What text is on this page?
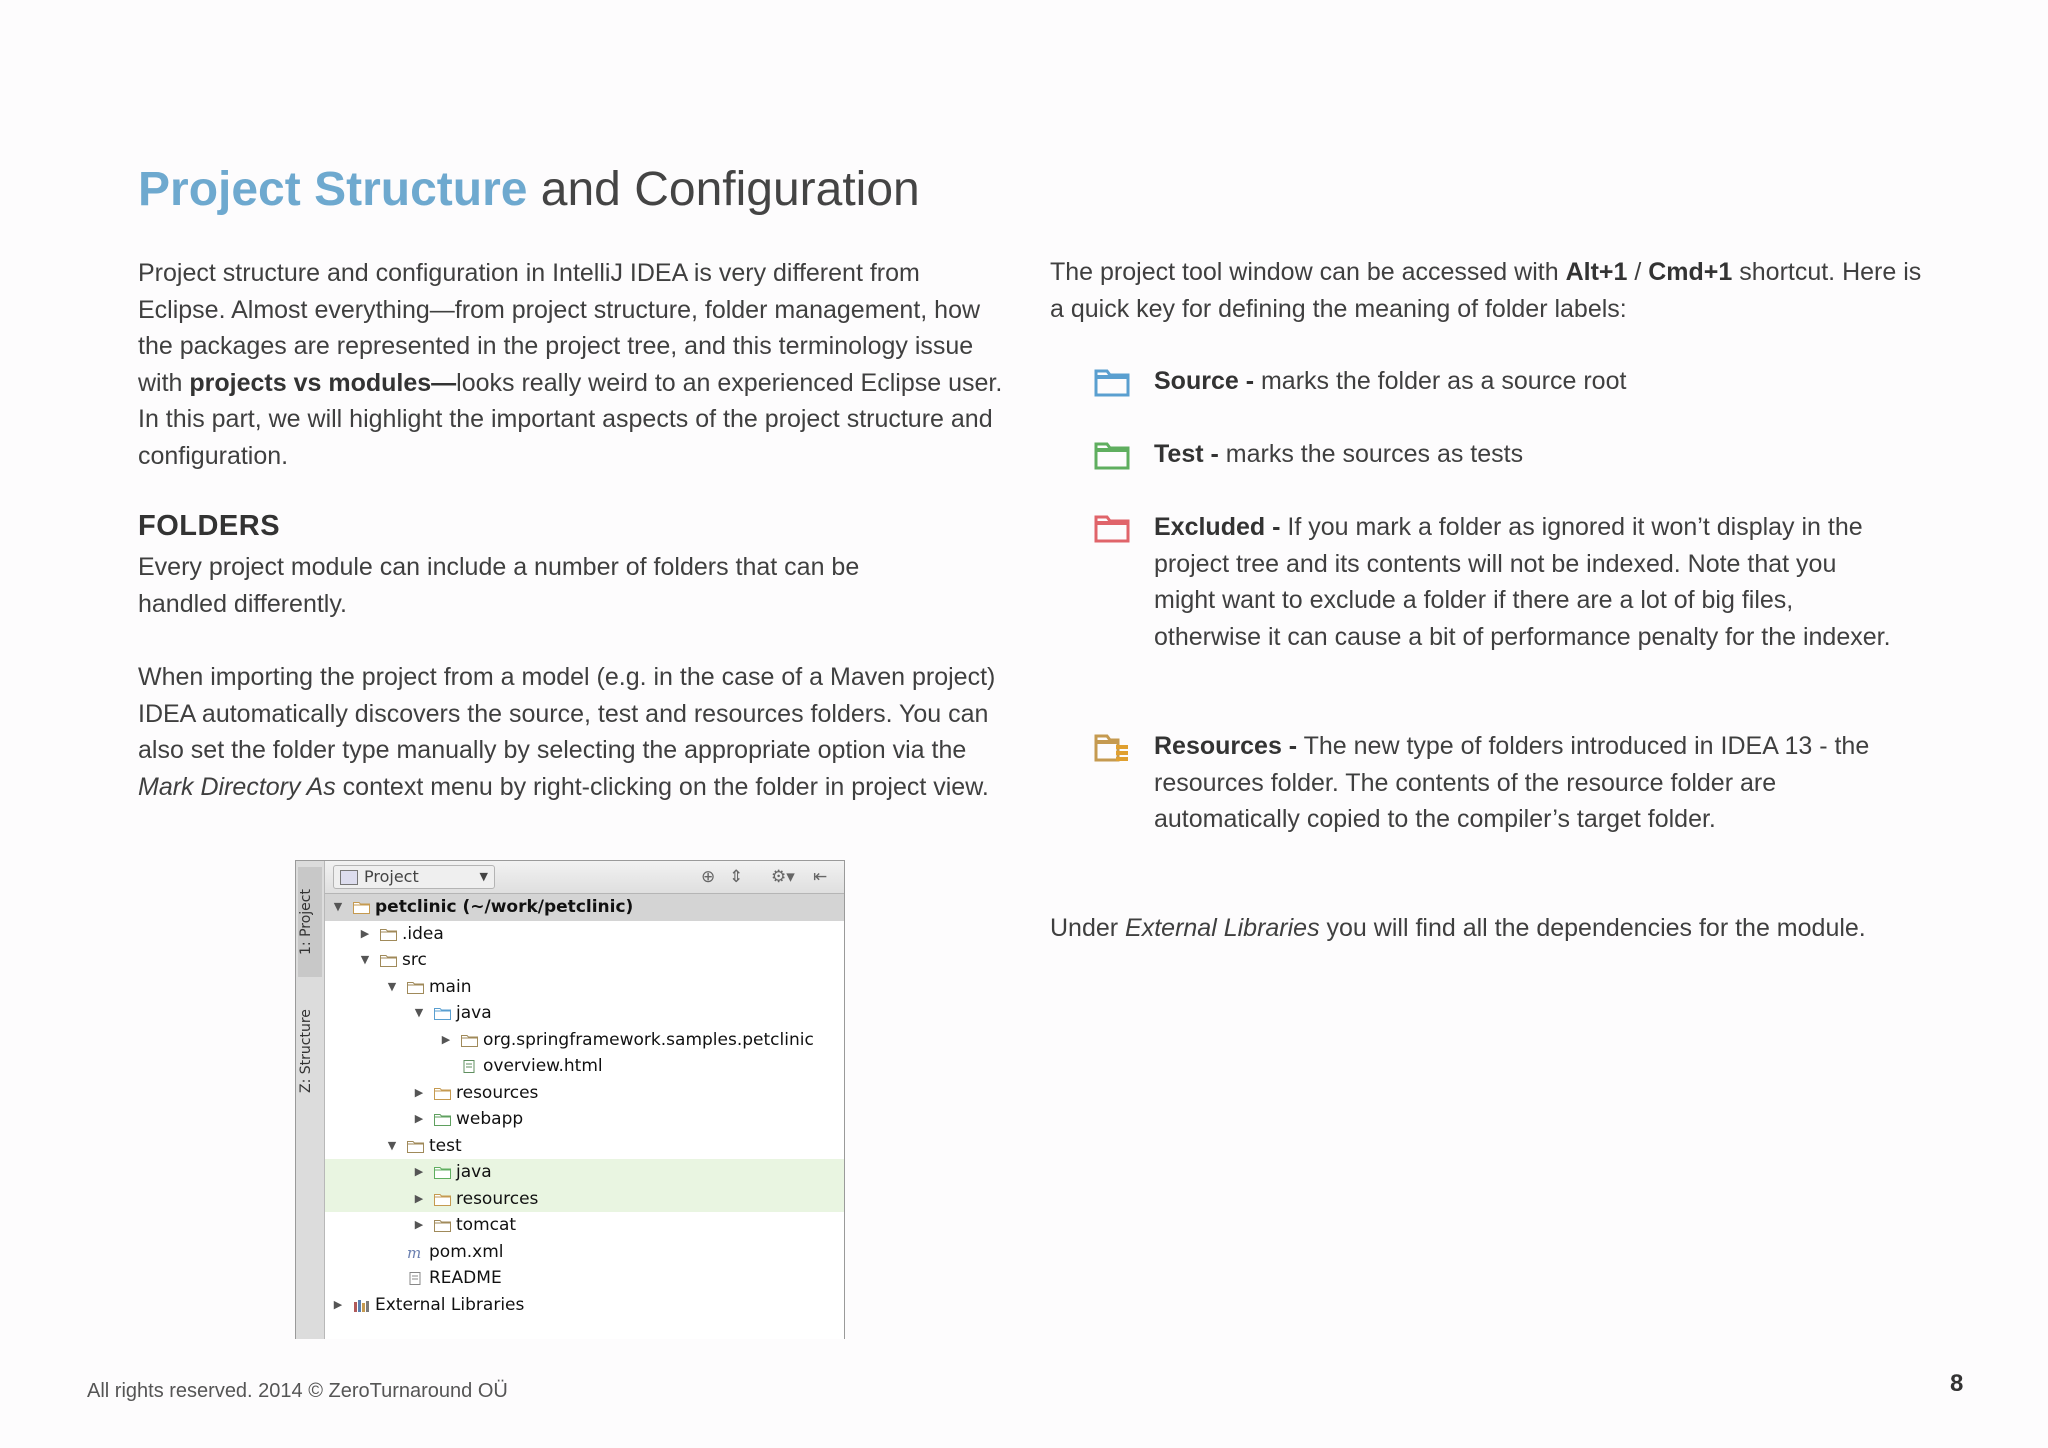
Project Structure and Configuration
Project structure and configuration in IntelliJ IDEA is very different from Eclipse. Almost everything—from project structure, folder management, how the packages are represented in the project tree, and this terminology issue with projects vs modules—looks really weird to an experienced Eclipse user. In this part, we will highlight the important aspects of the project structure and configuration.
FOLDERS
Every project module can include a number of folders that can be handled differently.
When importing the project from a model (e.g. in the case of a Maven project) IDEA automatically discovers the source, test and resources folders. You can also set the folder type manually by selecting the appropriate option via the Mark Directory As context menu by right-clicking on the folder in project view.
The project tool window can be accessed with Alt+1 / Cmd+1 shortcut. Here is a quick key for defining the meaning of folder labels:
Source - marks the folder as a source root
Test - marks the sources as tests
Excluded - If you mark a folder as ignored it won’t display in the project tree and its contents will not be indexed. Note that you might want to exclude a folder if there are a lot of big files, otherwise it can cause a bit of performance penalty for the indexer.
Resources - The new type of folders introduced in IDEA 13 - the resources folder. The contents of the resource folder are automatically copied to the compiler’s target folder.
Under External Libraries you will find all the dependencies for the module.
1: Project
Z: Structure
Project	▼	⊕ ⇕ ⚙▾ ⇤
▼ petclinic (~/work/petclinic)
▶ .idea
▼ src
▼ main
▼ java
▶ org.springframework.samples.petclinic
overview.html
▶ resources
▶ webapp
▼ test
▶ java
▶ resources
▶ tomcat
m pom.xml
README
▶ External Libraries
All rights reserved. 2014 © ZeroTurnaround OÜ	8
